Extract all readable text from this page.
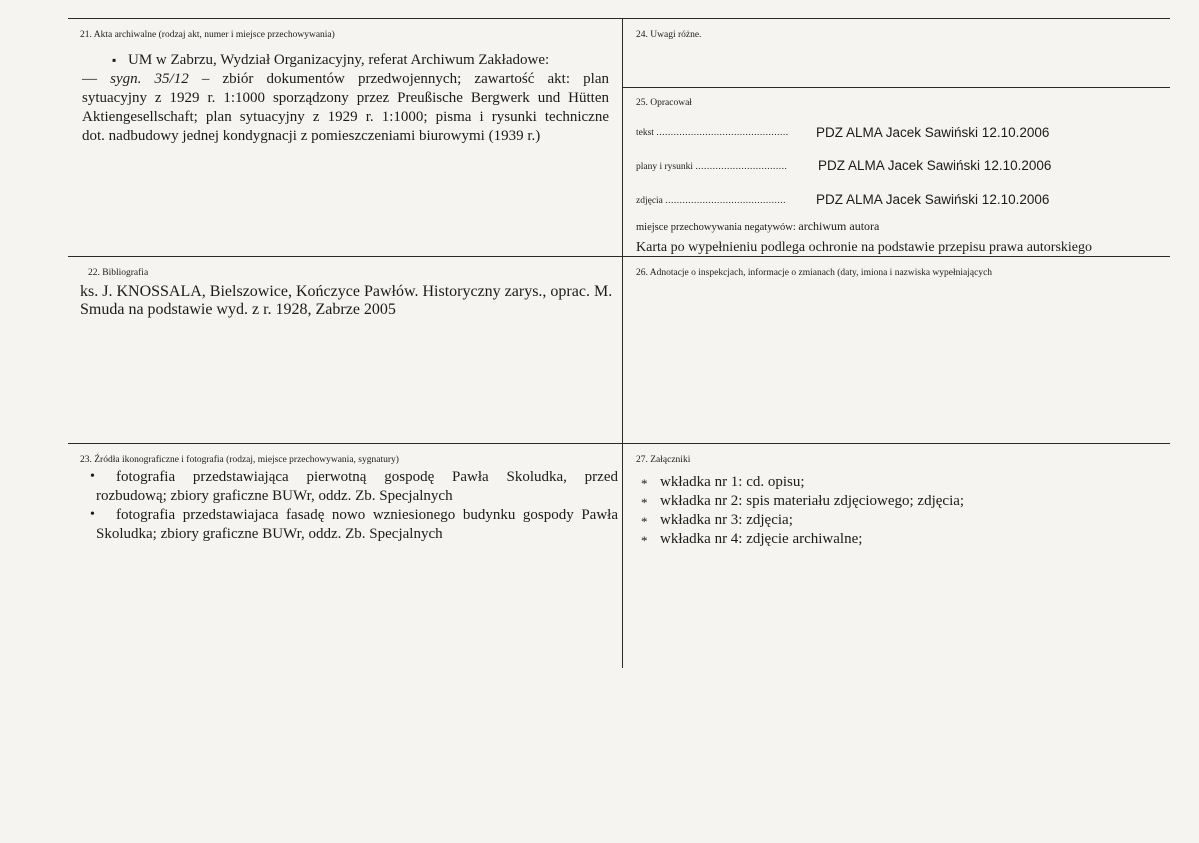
21. Akta archiwalne (rodzaj akt, numer i miejsce przechowywania)
▪ UM w Zabrzu, Wydział Organizacyjny, referat Archiwum Zakładowe:
— sygn. 35/12 – zbiór dokumentów przedwojennych; zawartość akt: plan
sytuacyjny z 1929 r. 1:1000 sporządzony przez Preußische Bergwerk und Hütten
Aktiengesellschaft; plan sytuacyjny z 1929 r. 1:1000; pisma i rysunki techniczne
dot. nadbudowy jednej kondygnacji z pomieszczeniami biurowymi (1939 r.)
24. Uwagi różne.
25. Opracował
tekst .............................................. PDZ ALMA Jacek Sawiński 12.10.2006
plany i rysunki ................................ PDZ ALMA Jacek Sawiński 12.10.2006
zdjęcia .......................................... PDZ ALMA Jacek Sawiński 12.10.2006
miejsce przechowywania negatywów: archiwum autora
Karta po wypełnieniu podlega ochronie na podstawie przepisu prawa autorskiego
22. Bibliografia
ks. J. KNOSSALA, Bielszowice, Kończyce Pawłów. Historyczny zarys., oprac. M.
Smuda na podstawie wyd. z r. 1928, Zabrze 2005
26. Adnotacje o inspekcjach, informacje o zmianach (daty, imiona i nazwiska wypełniających
23. Źródła ikonograficzne i fotografia (rodzaj, miejsce przechowywania, sygnatury)
• fotografia przedstawiająca pierwotną gospodę Pawła Skoludka, przed
rozbudową; zbiory graficzne BUWr, oddz. Zb. Specjalnych
• fotografia przedstawiajaca fasadę nowo wzniesionego budynku gospody Pawła
Skoludka; zbiory graficzne BUWr, oddz. Zb. Specjalnych
27. Załączniki
* wkładka nr 1: cd. opisu;
* wkładka nr 2: spis materiału zdjęciowego; zdjęcia;
* wkładka nr 3: zdjęcia;
* wkładka nr 4: zdjęcie archiwalne;
